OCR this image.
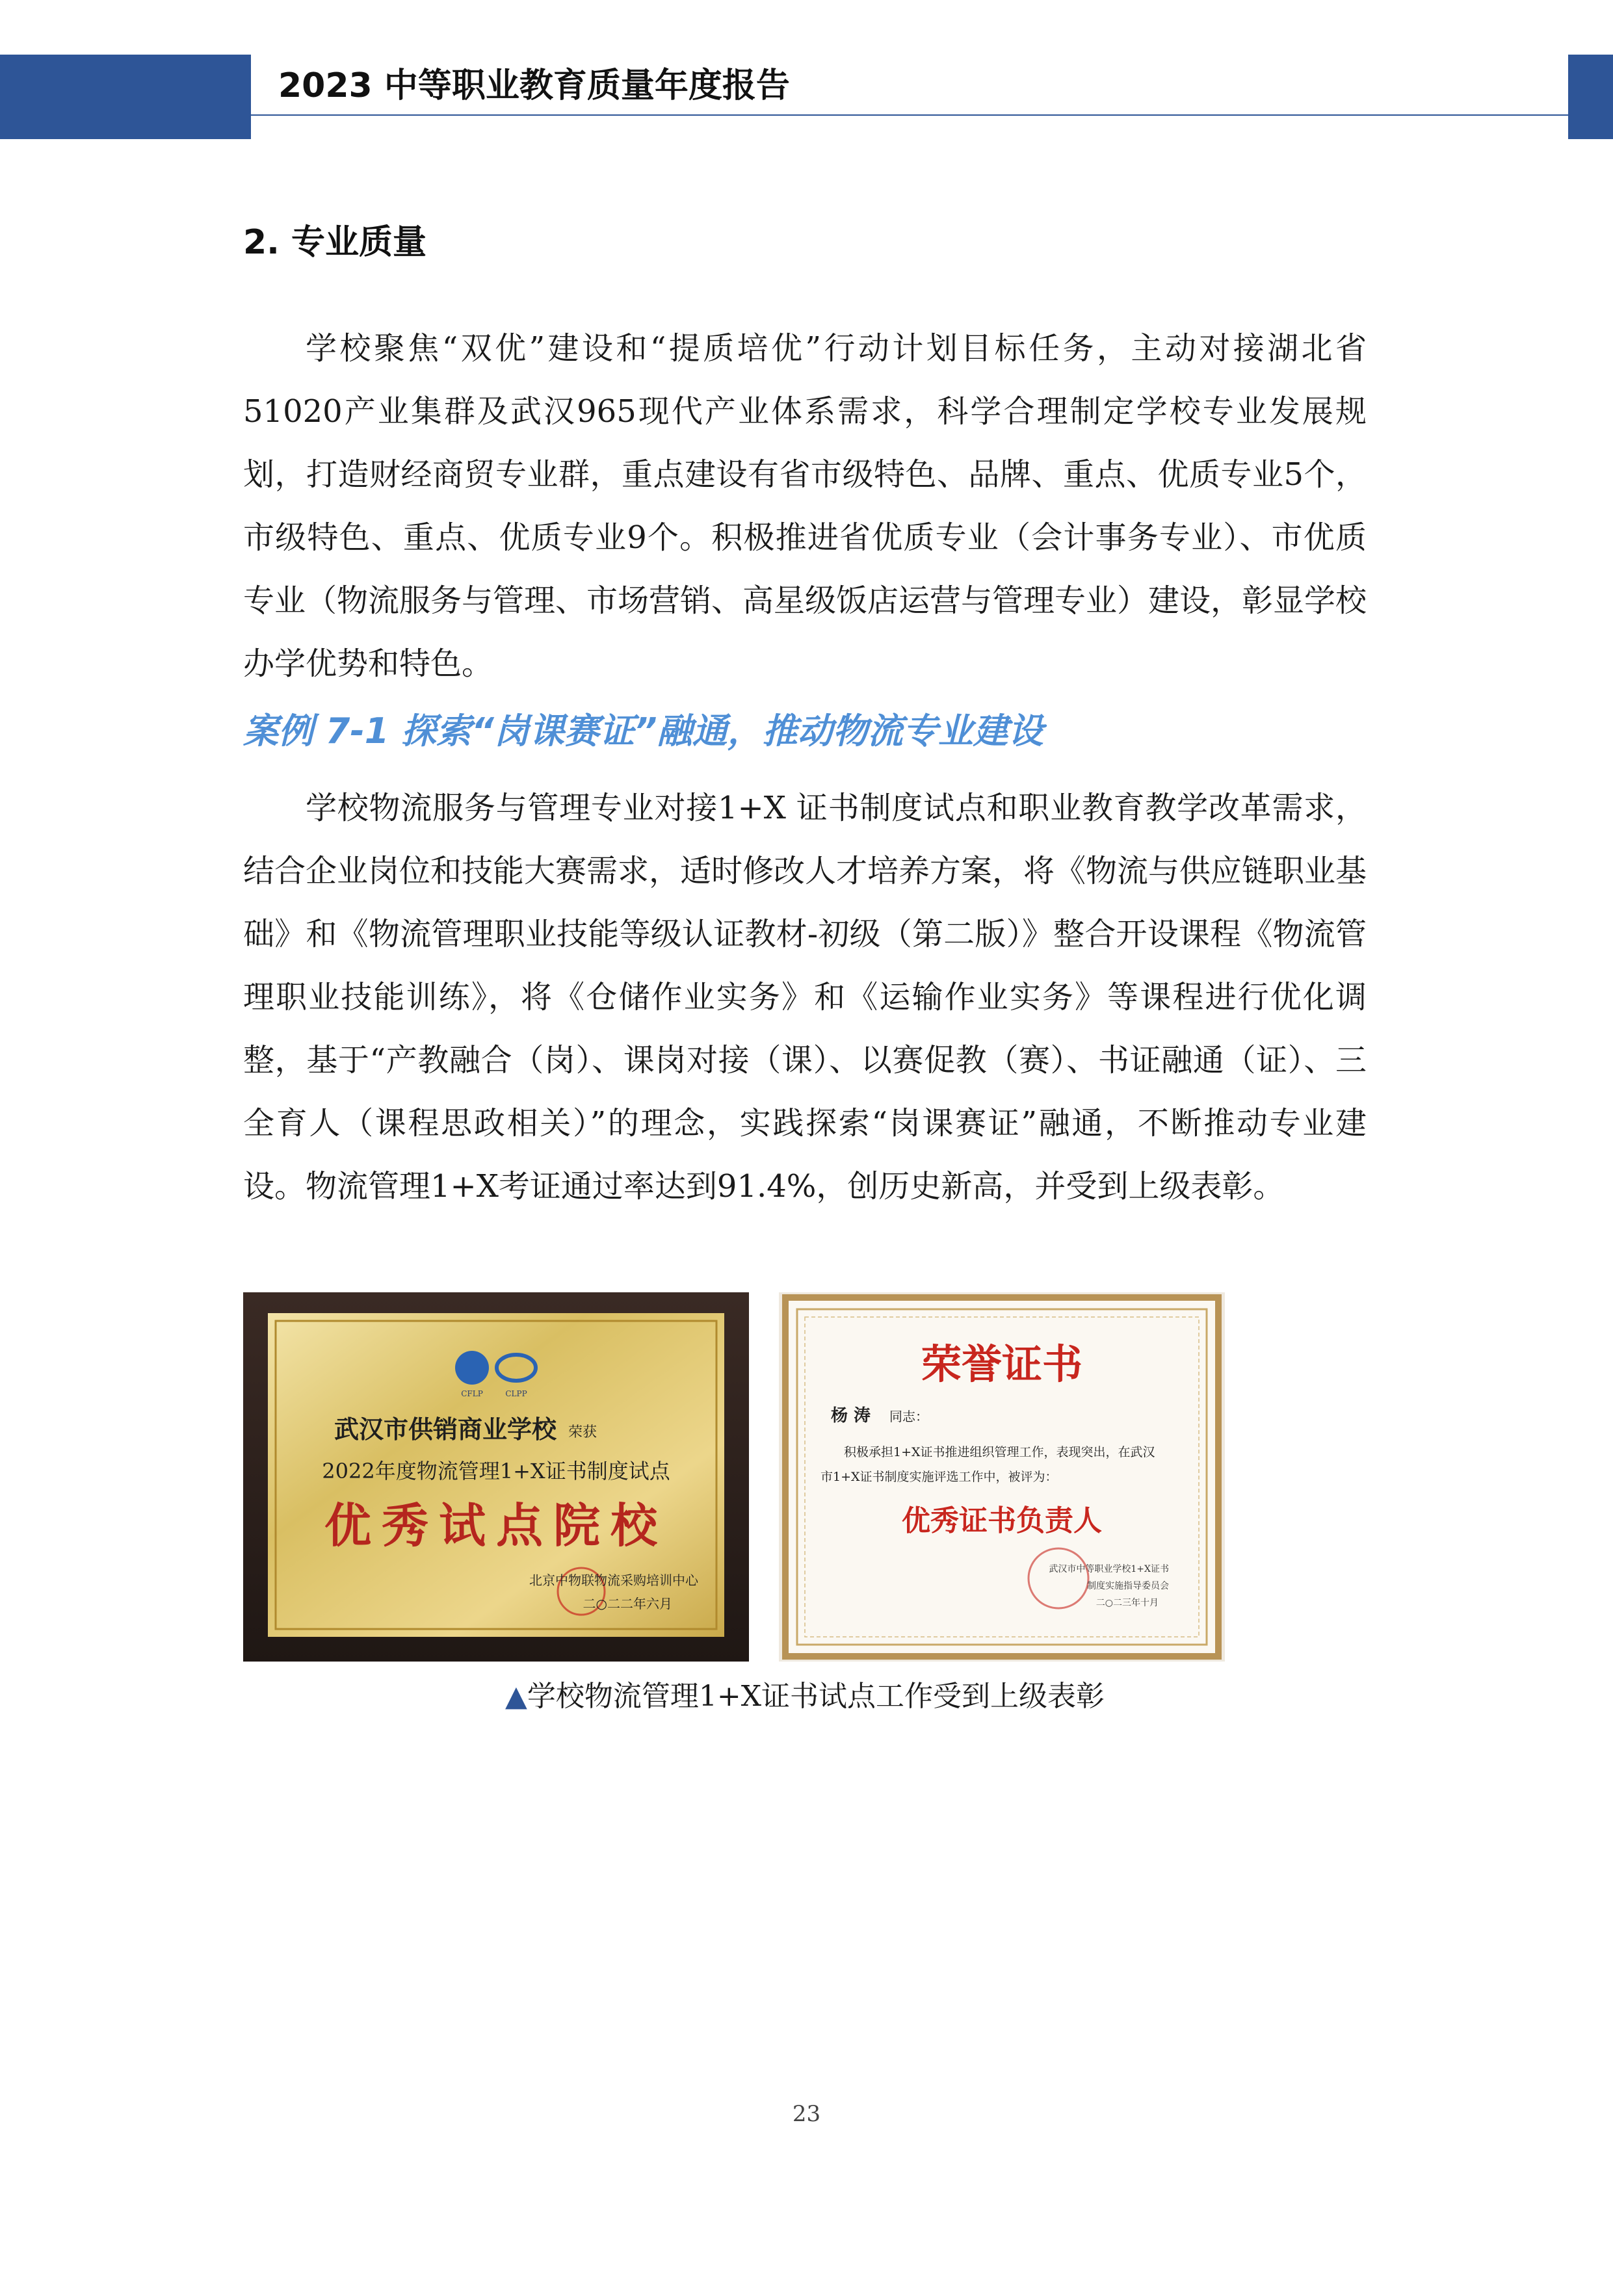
2023 中等职业教育质量年度报告
2. 专业质量

学校聚焦“双优”建设和“提质培优”行动计划目标任务，主动对接湖北省51020产业集群及武汉965现代产业体系需求，科学合理制定学校专业发展规划，打造财经商贸专业群，重点建设有省市级特色、品牌、重点、优质专业5个，市级特色、重点、优质专业9个。积极推进省优质专业（会计事务专业）、市优质专业（物流服务与管理、市场营销、高星级饭店运营与管理专业）建设，彰显学校办学优势和特色。

案例 7-1 探索“岗课赛证”融通，推动物流专业建设

学校物流服务与管理专业对接1+X 证书制度试点和职业教育教学改革需求，结合企业岗位和技能大赛需求，适时修改人才培养方案，将《物流与供应链职业基础》和《物流管理职业技能等级认证教材-初级（第二版）》整合开设课程《物流管理职业技能训练》，将《仓储作业实务》和《运输作业实务》等课程进行优化调整，基于“产教融合（岗）、课岗对接（课）、以赛促教（赛）、书证融通（证）、三全育人（课程思政相关）”的理念，实践探索“岗课赛证”融通，不断推动专业建设。物流管理1+X考证通过率达到91.4%，创历史新高，并受到上级表彰。

CFLP	CLPP
武汉市供销商业学校 荣获
2022年度物流管理1+X证书制度试点
优秀试点院校
北京中物联物流采购培训中心
二○二二年六月
荣誉证书
杨 涛 同志：
积极承担1+X证书推进组织管理工作，表现突出，在武汉
市1+X证书制度实施评选工作中，被评为：
优秀证书负责人
武汉市中等职业学校1+X证书
制度实施指导委员会
二○二三年十月
▲学校物流管理1+X证书试点工作受到上级表彰
23
